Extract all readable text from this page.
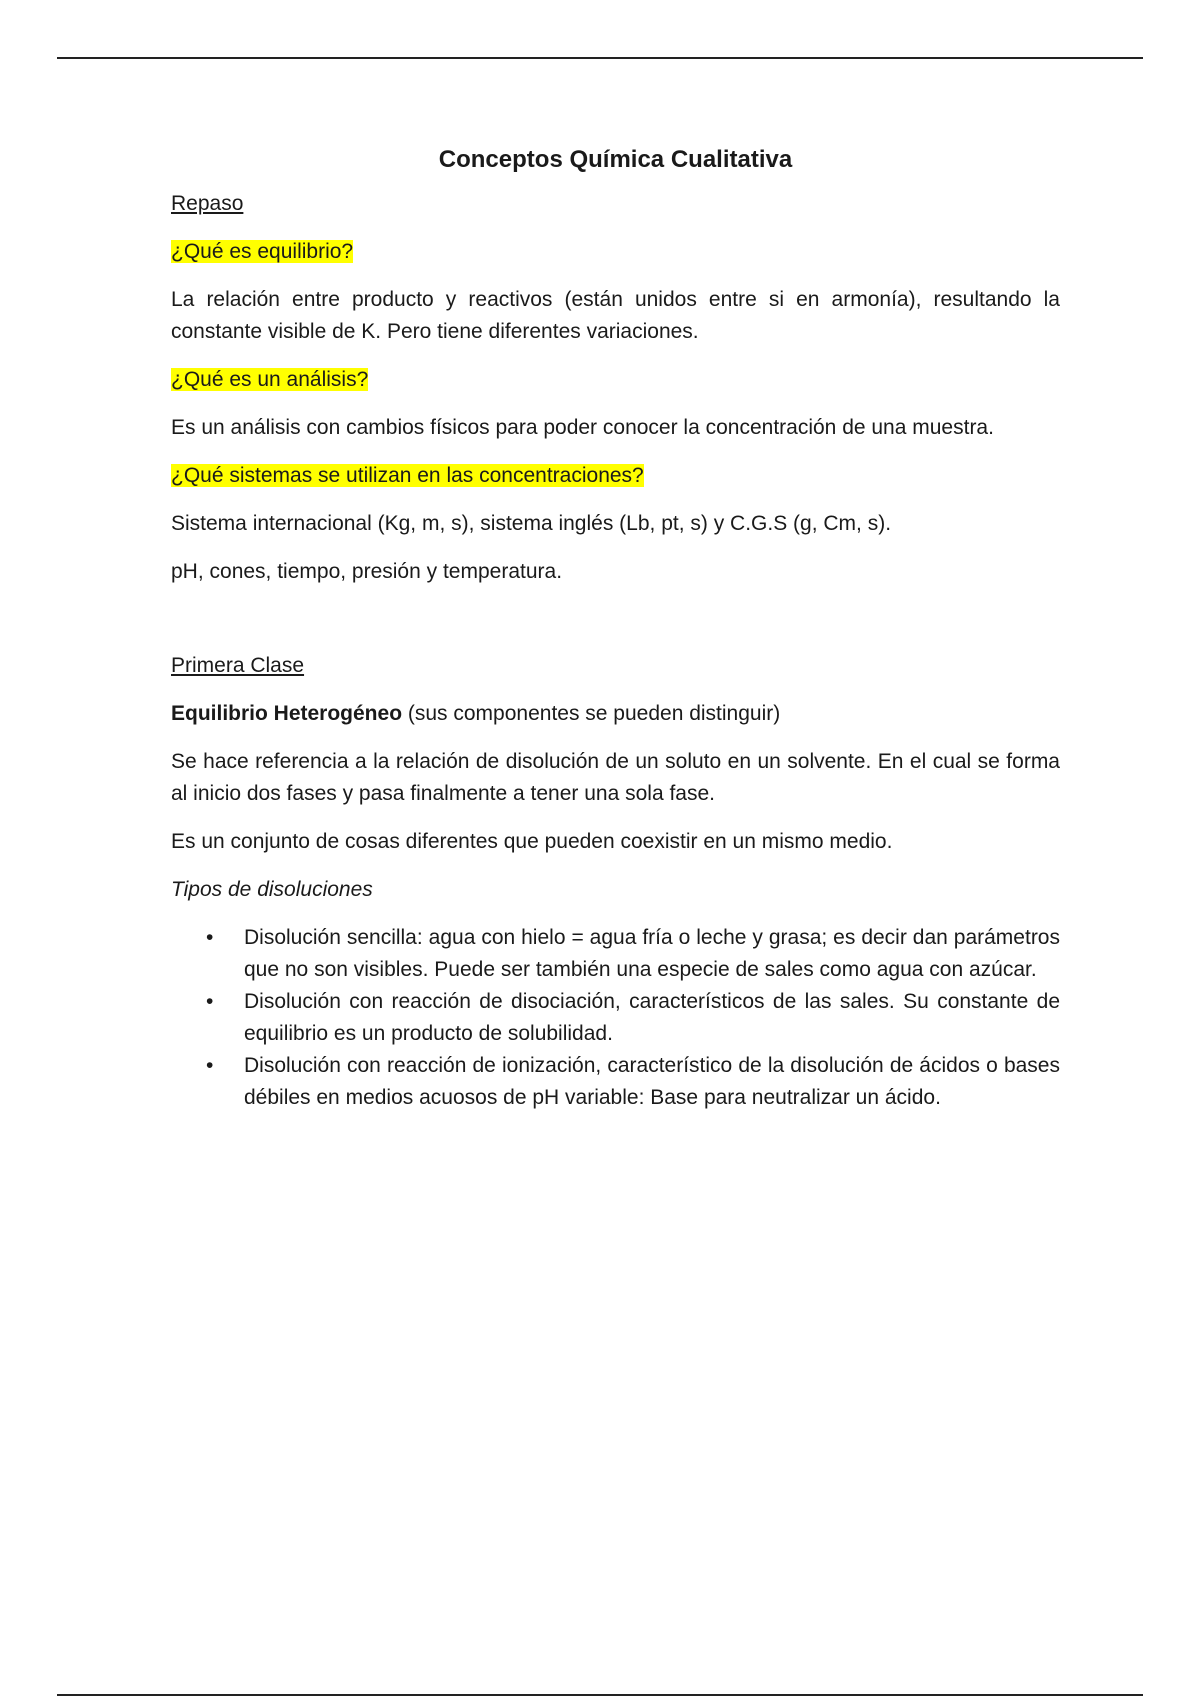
Conceptos Química Cualitativa

Repaso

¿Qué es equilibrio?

La relación entre producto y reactivos (están unidos entre si en armonía), resultando la constante visible de K. Pero tiene diferentes variaciones.

¿Qué es un análisis?

Es un análisis con cambios físicos para poder conocer la concentración de una muestra.

¿Qué sistemas se utilizan en las concentraciones?

Sistema internacional (Kg, m, s), sistema inglés (Lb, pt, s) y C.G.S (g, Cm, s).

pH, cones, tiempo, presión y temperatura.

Primera Clase

Equilibrio Heterogéneo (sus componentes se pueden distinguir)

Se hace referencia a la relación de disolución de un soluto en un solvente. En el cual se forma al inicio dos fases y pasa finalmente a tener una sola fase.

Es un conjunto de cosas diferentes que pueden coexistir en un mismo medio.

Tipos de disoluciones

• Disolución sencilla: agua con hielo = agua fría o leche y grasa; es decir dan parámetros que no son visibles. Puede ser también una especie de sales como agua con azúcar.
• Disolución con reacción de disociación, característicos de las sales. Su constante de equilibrio es un producto de solubilidad.
• Disolución con reacción de ionización, característico de la disolución de ácidos o bases débiles en medios acuosos de pH variable: Base para neutralizar un ácido.
